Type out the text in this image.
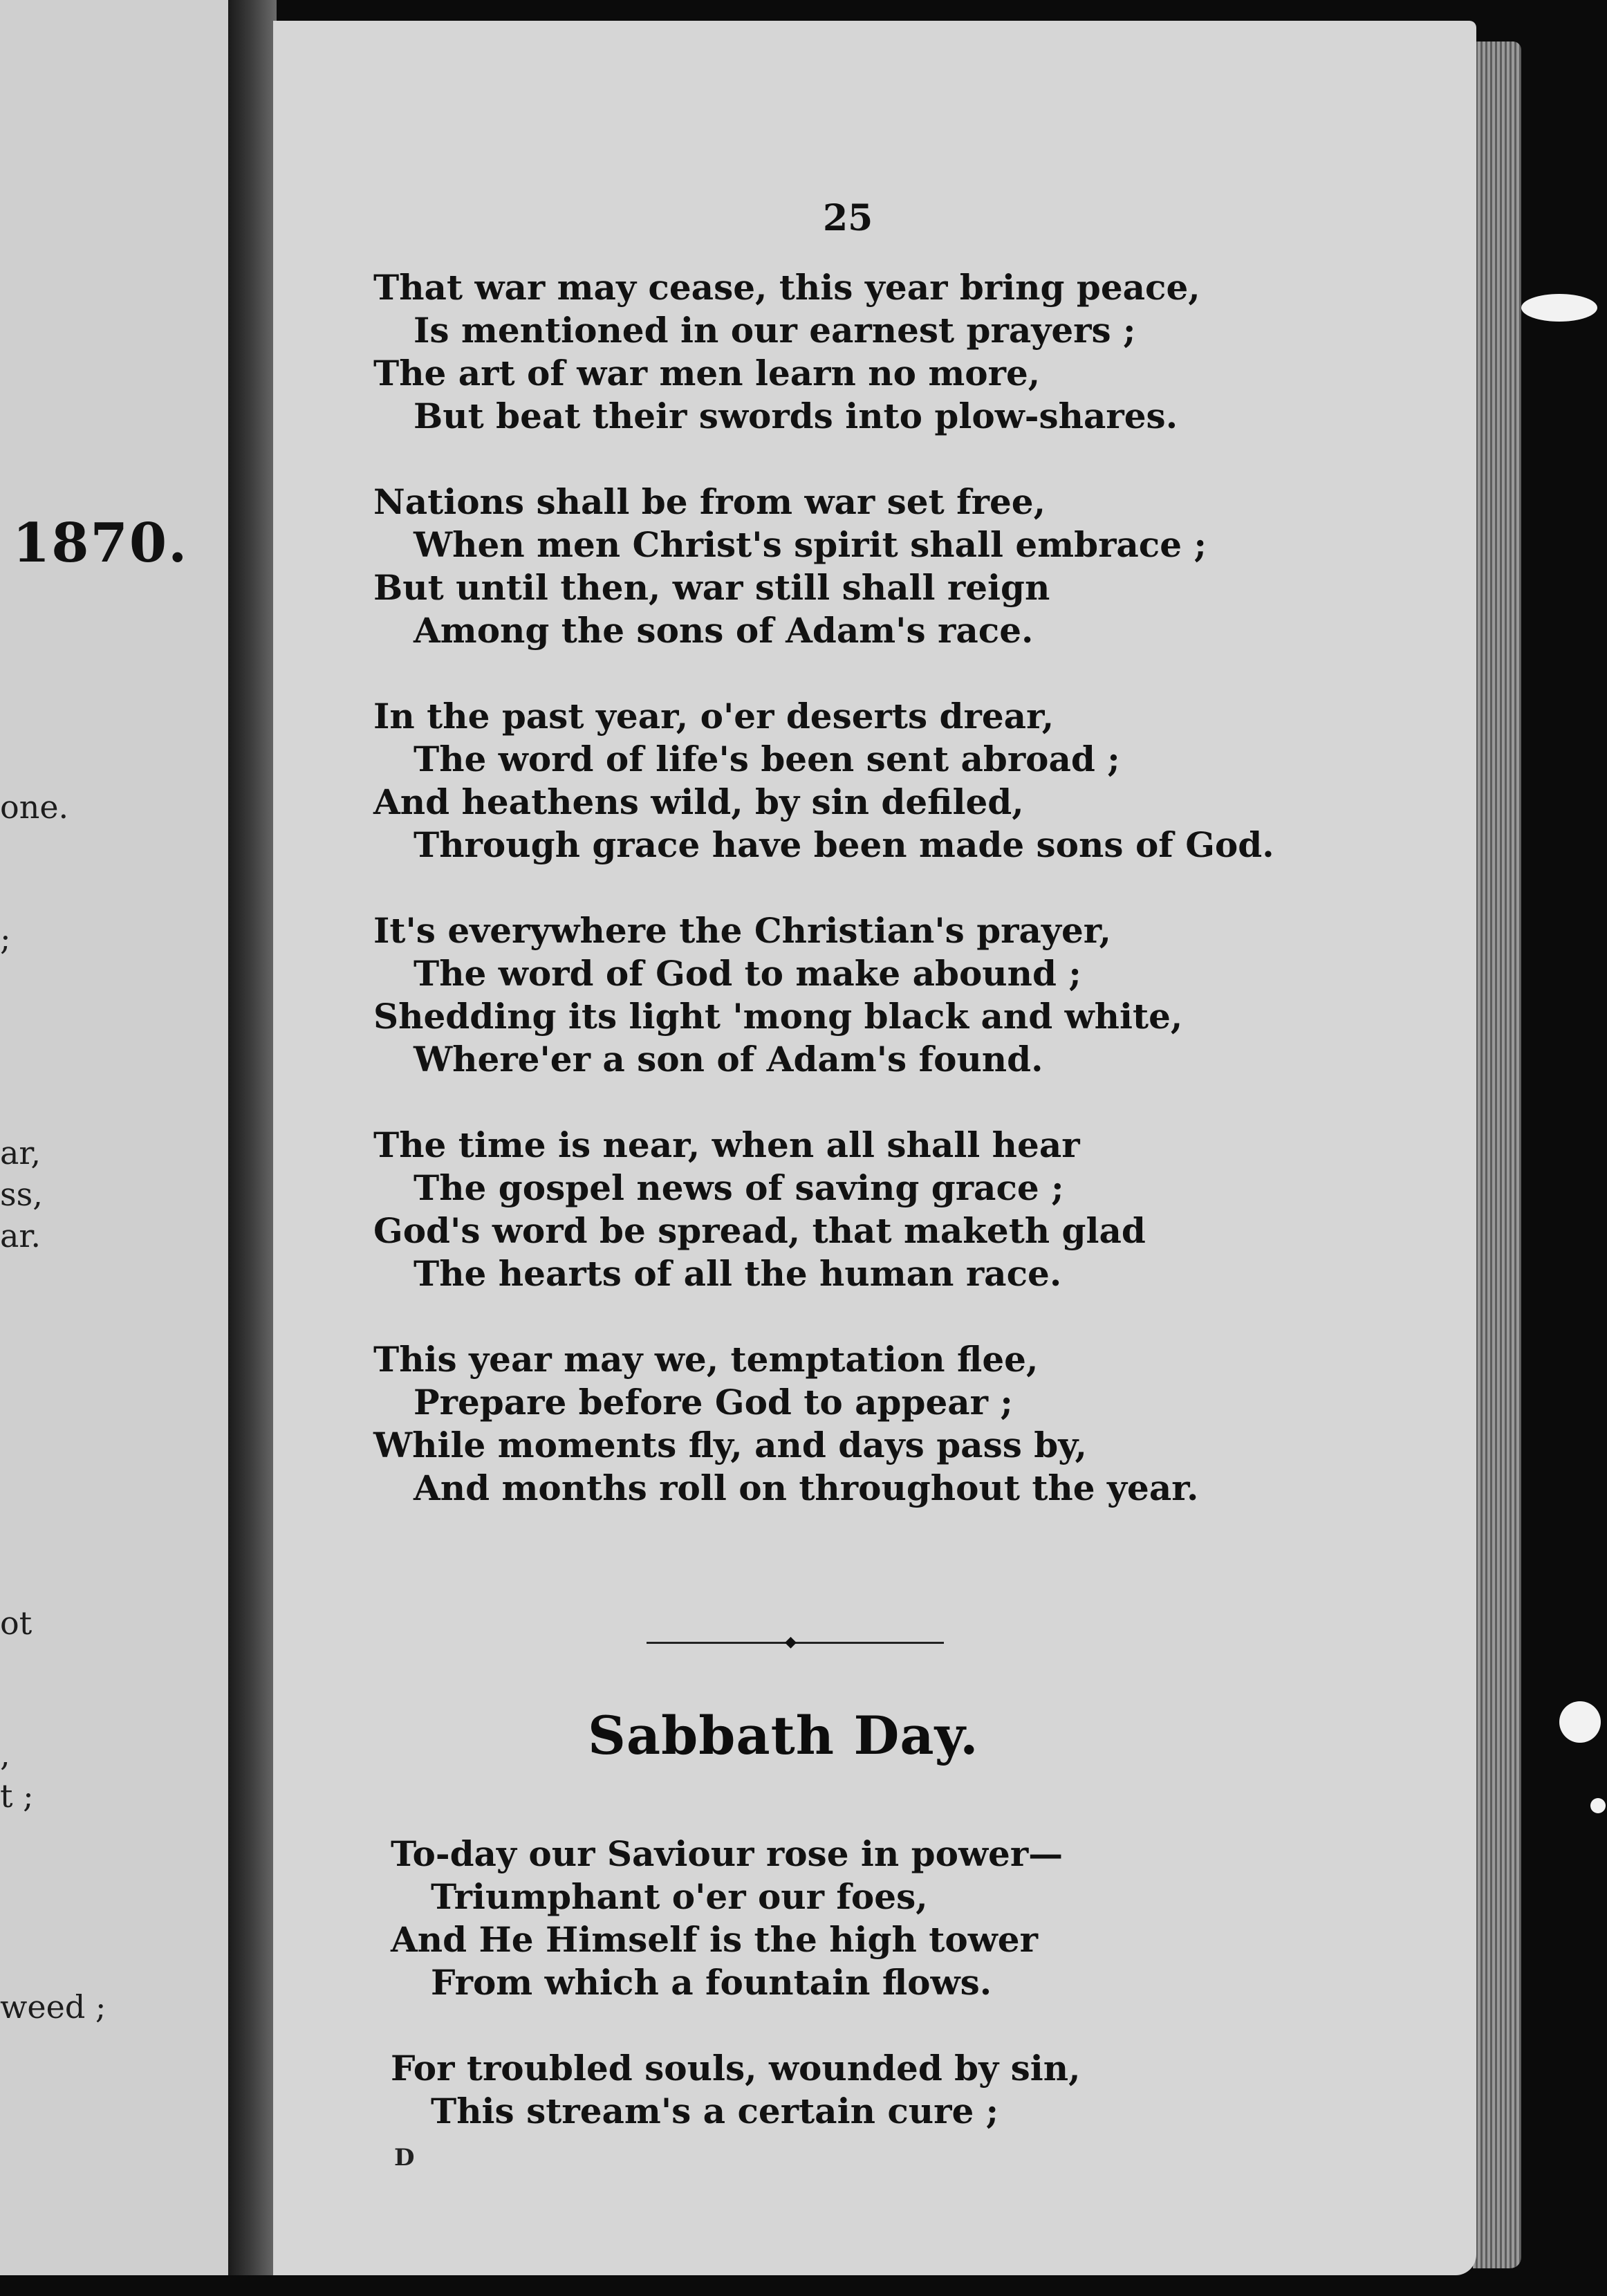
1870.
one.
;
ar,
ss,
ar.
ot
,
t ;
weed ;
25
That war may cease, this year bring peace,
Is mentioned in our earnest prayers ;
The art of war men learn no more,
But beat their swords into plow-shares.
Nations shall be from war set free,
When men Christ's spirit shall embrace ;
But until then, war still shall reign
Among the sons of Adam's race.
In the past year, o'er deserts drear,
The word of life's been sent abroad ;
And heathens wild, by sin defiled,
Through grace have been made sons of God.
It's everywhere the Christian's prayer,
The word of God to make abound ;
Shedding its light 'mong black and white,
Where'er a son of Adam's found.
The time is near, when all shall hear
The gospel news of saving grace ;
God's word be spread, that maketh glad
The hearts of all the human race.
This year may we, temptation flee,
Prepare before God to appear ;
While moments fly, and days pass by,
And months roll on throughout the year.
◆
Sabbath Day.
To-day our Saviour rose in power—
Triumphant o'er our foes,
And He Himself is the high tower
From which a fountain flows.
For troubled souls, wounded by sin,
This stream's a certain cure ;
D
